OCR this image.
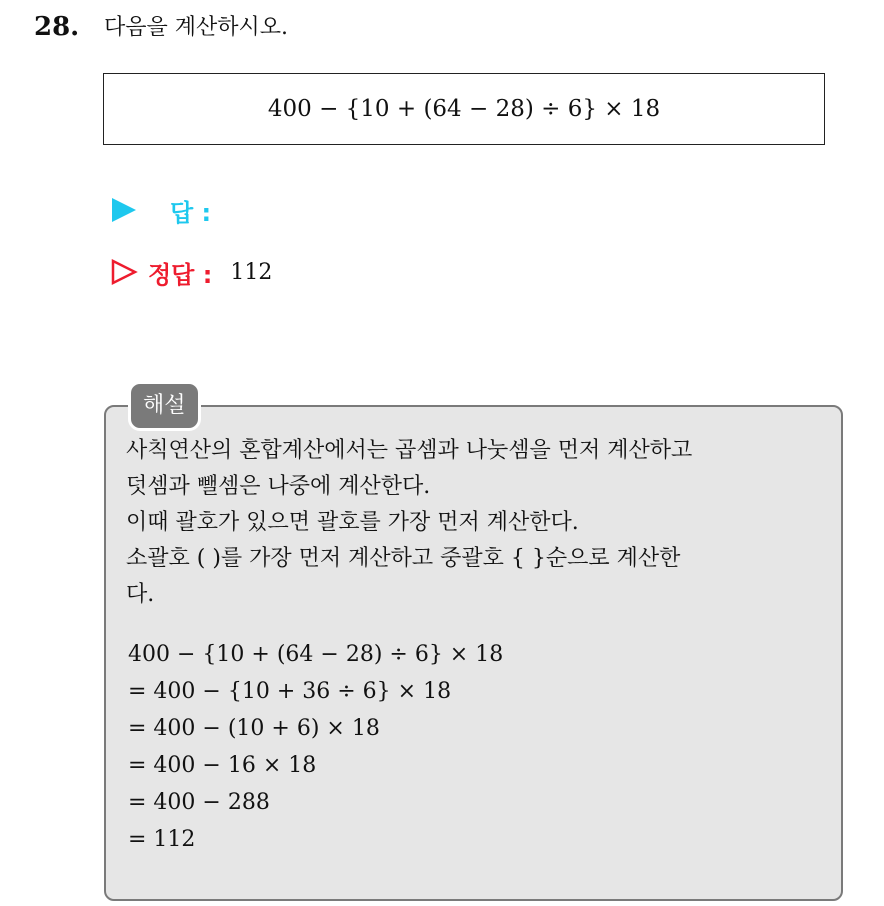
28. 다음을 계산하시오.
400 − {10 + (64 − 28) ÷ 6} × 18
답 :
정답 : 112
해설
사칙연산의 혼합계산에서는 곱셈과 나눗셈을 먼저 계산하고
덧셈과 뺄셈은 나중에 계산한다.
이때 괄호가 있으면 괄호를 가장 먼저 계산한다.
소괄호 ( )를 가장 먼저 계산하고 중괄호 { }순으로 계산한
다.
400 − {10 + (64 − 28) ÷ 6} × 18
= 400 − {10 + 36 ÷ 6} × 18
= 400 − (10 + 6) × 18
= 400 − 16 × 18
= 400 − 288
= 112
